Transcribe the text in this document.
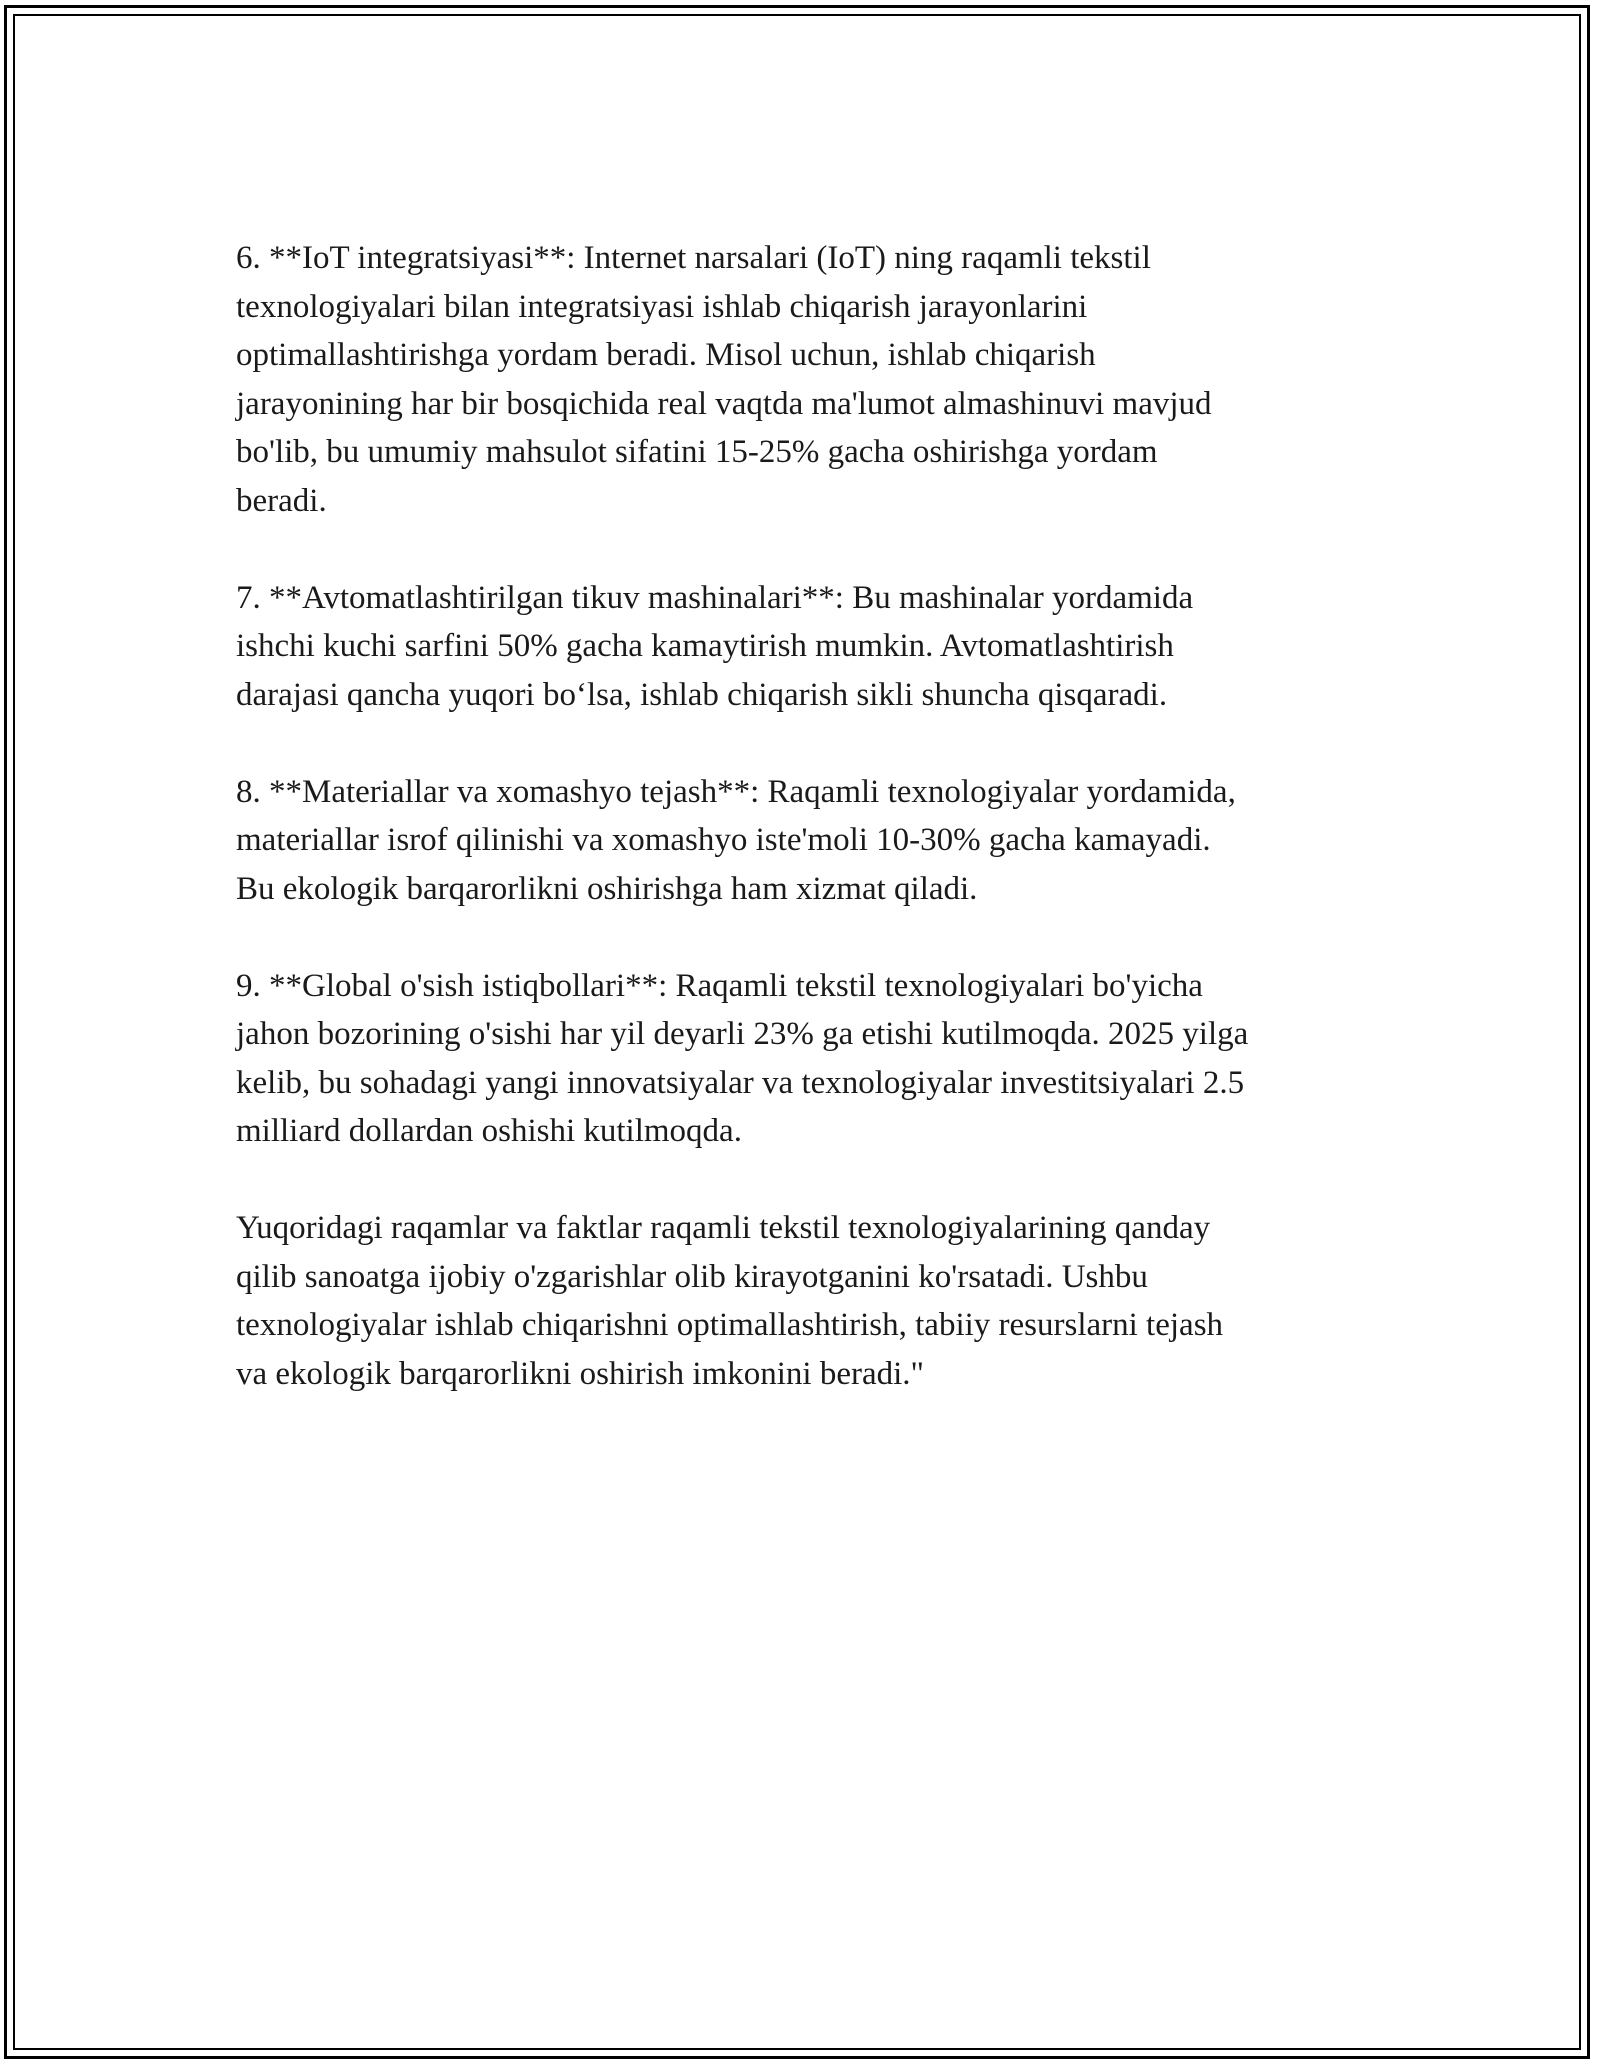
6. **IoT integratsiyasi**: Internet narsalari (IoT) ning raqamli tekstil
texnologiyalari bilan integratsiyasi ishlab chiqarish jarayonlarini
optimallashtirishga yordam beradi. Misol uchun, ishlab chiqarish
jarayonining har bir bosqichida real vaqtda ma'lumot almashinuvi mavjud
bo'lib, bu umumiy mahsulot sifatini 15-25% gacha oshirishga yordam
beradi.

7. **Avtomatlashtirilgan tikuv mashinalari**: Bu mashinalar yordamida
ishchi kuchi sarfini 50% gacha kamaytirish mumkin. Avtomatlashtirish
darajasi qancha yuqori bo‘lsa, ishlab chiqarish sikli shuncha qisqaradi.

8. **Materiallar va xomashyo tejash**: Raqamli texnologiyalar yordamida,
materiallar isrof qilinishi va xomashyo iste'moli 10-30% gacha kamayadi.
Bu ekologik barqarorlikni oshirishga ham xizmat qiladi.

9. **Global o'sish istiqbollari**: Raqamli tekstil texnologiyalari bo'yicha
jahon bozorining o'sishi har yil deyarli 23% ga etishi kutilmoqda. 2025 yilga
kelib, bu sohadagi yangi innovatsiyalar va texnologiyalar investitsiyalari 2.5
milliard dollardan oshishi kutilmoqda.

Yuqoridagi raqamlar va faktlar raqamli tekstil texnologiyalarining qanday
qilib sanoatga ijobiy o'zgarishlar olib kirayotganini ko'rsatadi. Ushbu
texnologiyalar ishlab chiqarishni optimallashtirish, tabiiy resurslarni tejash
va ekologik barqarorlikni oshirish imkonini beradi."
